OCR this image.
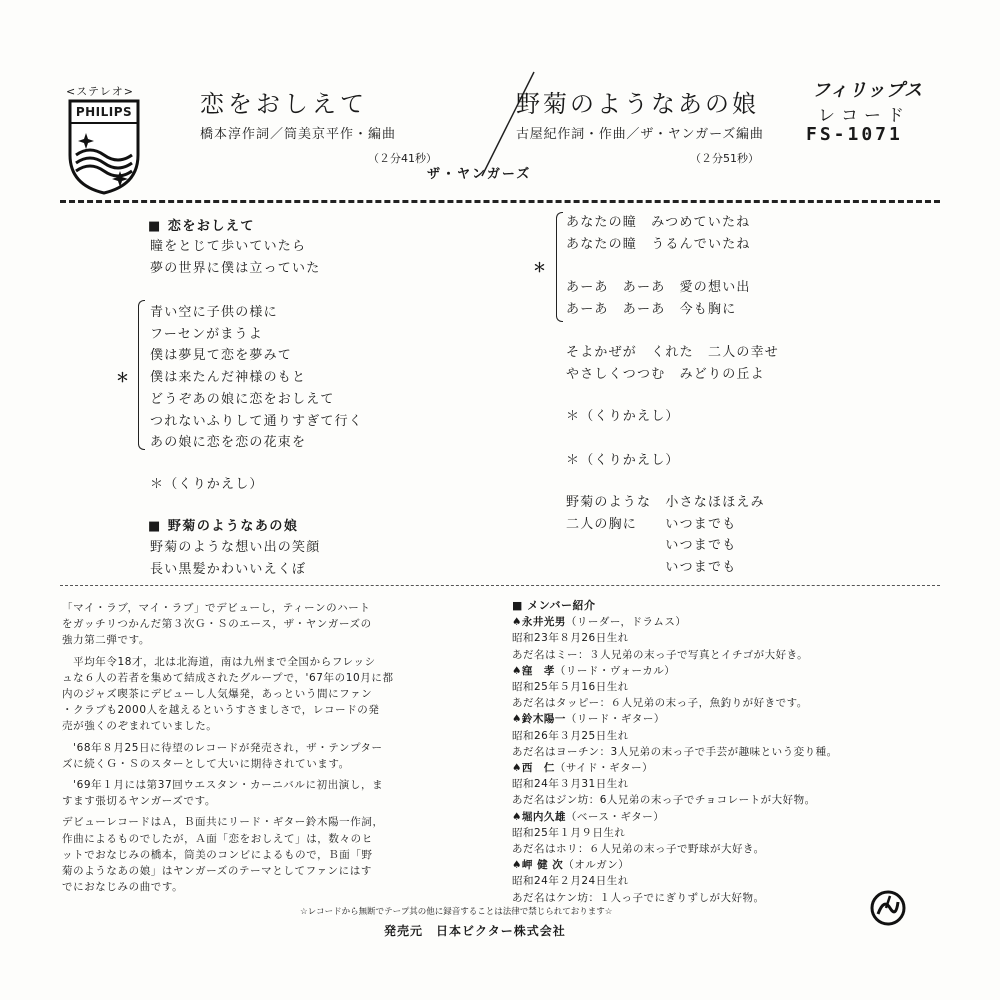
<ステレオ>
PHILIPS	恋をおしえて
橋本淳作詞／筒美京平作・編曲
（２分41秒）
野菊のようなあの娘
古屋紀作詞・作曲／ザ・ヤンガーズ編曲
（２分51秒）
ザ・ヤンガーズ
フィリップス
レコード
FS-1071
■ 恋をおしえて
瞳をとじて歩いていたら
夢の世界に僕は立っていた
＊
青い空に子供の様に
フーセンがまうよ
僕は夢見て恋を夢みて
僕は来たんだ神様のもと
どうぞあの娘に恋をおしえて
つれないふりして通りすぎて行く
あの娘に恋を恋の花束を
＊（くりかえし）
■ 野菊のようなあの娘
野菊のような想い出の笑顔
長い黒髪かわいいえくぼ
＊
あなたの瞳　みつめていたね
あなたの瞳　うるんでいたね
あーあ　あーあ　愛の想い出
あーあ　あーあ　今も胸に
そよかぜが　くれた　二人の幸せ
やさしくつつむ　みどりの丘よ
＊（くりかえし）
＊（くりかえし）
野菊のような　小さなほほえみ
二人の胸に　　いつまでも
　　　　　　　いつまでも
　　　　　　　いつまでも
「マイ・ラブ，マイ・ラブ」でデビューし，ティーンのハート
をガッチリつかんだ第３次Ｇ・Ｓのエース，ザ・ヤンガーズの
強力第二弾です。
　平均年令18才，北は北海道，南は九州まで全国からフレッシ
ュな６人の若者を集めて結成されたグループで，'67年の10月に都
内のジャズ喫茶にデビューし人気爆発，あっという間にファン
・クラブも2000人を越えるというすさましさで，レコードの発
売が強くのぞまれていました。
　'68年８月25日に待望のレコードが発売され，ザ・テンプター
ズに続くＧ・Ｓのスターとして大いに期待されています。
　'69年１月には第37回ウエスタン・カーニバルに初出演し，ま
すます張切るヤンガーズです。
デビューレコードはＡ，Ｂ面共にリード・ギター鈴木陽一作詞，
作曲によるものでしたが，Ａ面「恋をおしえて」は，数々のヒ
ットでおなじみの橋本，筒美のコンビによるもので，Ｂ面「野
菊のようなあの娘」はヤンガーズのテーマとしてファンにはす
でにおなじみの曲です。
■ メンバー紹介
♠永井光男（リーダー，ドラムス）
昭和23年８月26日生れ
あだ名はミー：３人兄弟の末っ子で写真とイチゴが大好き。
♠窪　孝（リード・ヴォーカル）
昭和25年５月16日生れ
あだ名はタッピー：６人兄弟の末っ子，魚釣りが好きです。
♠鈴木陽一（リード・ギター）
昭和26年３月25日生れ
あだ名はヨーチン：3人兄弟の末っ子で手芸が趣味という変り種。
♠西　仁（サイド・ギター）
昭和24年３月31日生れ
あだ名はジン坊：6人兄弟の末っ子でチョコレートが大好物。
♠堀内久雄（ベース・ギター）
昭和25年１月９日生れ
あだ名はホリ：６人兄弟の末っ子で野球が大好き。
♠岬 健 次（オルガン）
昭和24年２月24日生れ
あだ名はケン坊：１人っ子でにぎりずしが大好物。
☆レコードから無断でテープ其の他に録音することは法律で禁じられております☆
発売元　日本ビクター株式会社
